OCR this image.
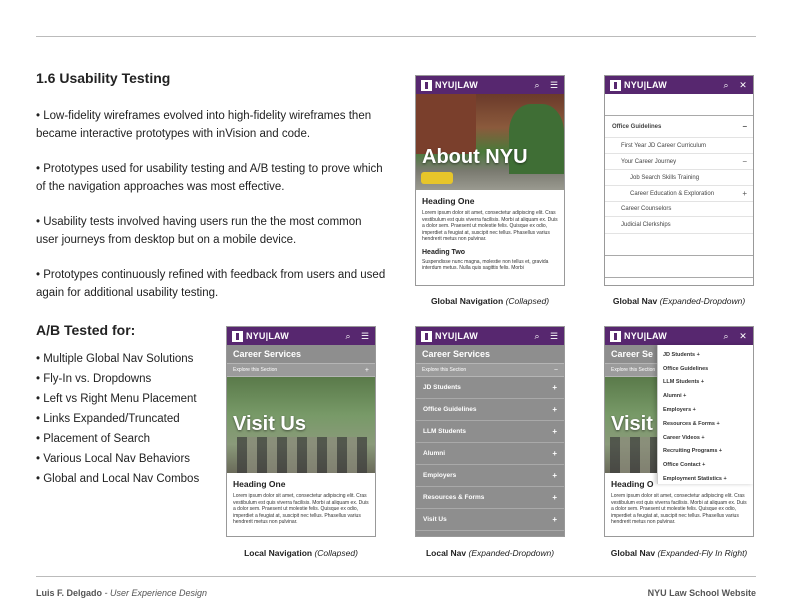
1.6 Usability Testing

• Low-fidelity wireframes evolved into high-fidelity wireframes then became interactive prototypes with inVision and code.

• Prototypes used for usability testing and A/B testing to prove which of the navigation approaches was most effective.

• Usability tests involved having users run the the most common user journeys from desktop but on a mobile device.

• Prototypes continuously refined with feedback from users and used again for additional usability testing.

A/B Tested for:
• Multiple Global Nav Solutions
• Fly-In vs. Dropdowns
• Left vs Right Menu Placement
• Links Expanded/Truncated
• Placement of Search
• Various Local Nav Behaviors
• Global and Local Nav Combos
NYU|LAW	⌕ ☰
About NYU
Heading One
Lorem ipsum dolor sit amet, consectetur adipiscing elit. Cras vestibulum est quis viverra facilisis. Morbi at aliquam ex. Duis a dolor sem. Praesent ut molestie felis. Quisque ex odio, imperdiet a feugiat at, suscipit nec tellus. Phasellus varius hendrerit metus non pulvinar.
Heading Two
Suspendisse nunc magna, molestie non tellus et, gravida interdum metus. Nulla quis sagittis felis. Morbi
Global Navigation (Collapsed)
NYU|LAW	⌕ ✕
JD Students	+
Office Guidelines	−
First Year JD Career Curriculum
Your Career Journey	−
Job Search Skills Training
Career Education & Exploration	+
Career Counselors
Judicial Clerkships
LLM Students	+
Alumni	+
Global Nav (Expanded-Dropdown)
NYU|LAW	⌕ ☰
Career Services
Explore this Section	+
Visit Us
Heading One
Lorem ipsum dolor sit amet, consectetur adipiscing elit. Cras vestibulum est quis viverra facilisis. Morbi at aliquam ex. Duis a dolor sem. Praesent ut molestie felis. Quisque ex odio, imperdiet a feugiat at, suscipit nec tellus. Phasellus varius hendrerit metus non pulvinar.
Local Navigation (Collapsed)
NYU|LAW	⌕ ☰
Career Services
Explore this Section	−
JD Students	+
Office Guidelines	+
LLM Students	+
Alumni	+
Employers	+
Resources & Forms	+
Visit Us	+
Local Nav (Expanded-Dropdown)
NYU|LAW	⌕ ✕
Career Se
Explore this Section
Visit
Heading O
Lorem ipsum dolor sit amet, consectetur adipiscing elit. Cras vestibulum est quis viverra facilisis. Morbi at aliquam ex. Duis a dolor sem. Praesent ut molestie felis. Quisque ex odio, imperdiet a feugiat at, suscipit nec tellus. Phasellus varius hendrerit metus non pulvinar.
JD Students +
Office Guidelines
LLM Students +
Alumni +
Employers +
Resources & Forms +
Career Videos +
Recruiting Programs +
Office Contact +
Employment Statistics +
Global Nav (Expanded-Fly In Right)
Luis F. Delgado - User Experience Design	NYU Law School Website
